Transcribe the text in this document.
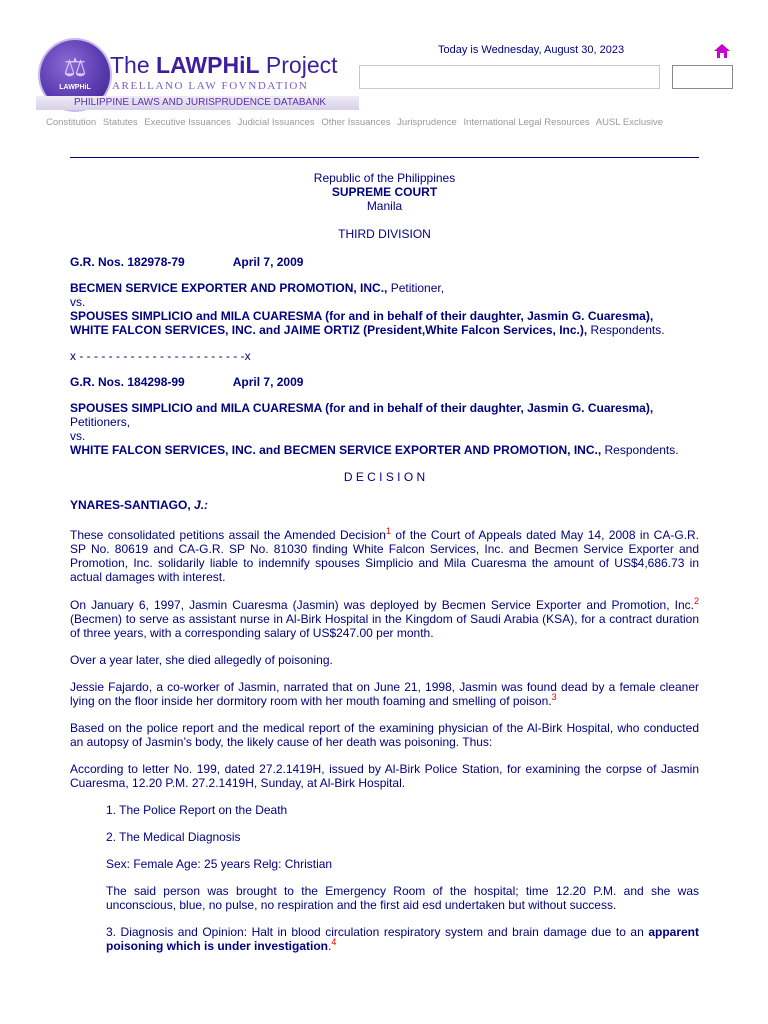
⚖
LAWPHiL
The LAWPHiL Project
ARELLANO LAW FOVNDATION
PHILIPPINE LAWS AND JURISPRUDENCE DATABANK
Today is Wednesday, August 30, 2023
Constitution Statutes Executive Issuances Judicial Issuances Other Issuances Jurisprudence International Legal Resources AUSL Exclusive
Republic of the Philippines
SUPREME COURT
Manila
THIRD DIVISION
G.R. Nos. 182978-79	April 7, 2009
BECMEN SERVICE EXPORTER AND PROMOTION, INC., Petitioner,
vs.
SPOUSES SIMPLICIO and MILA CUARESMA (for and in behalf of their daughter, Jasmin G. Cuaresma),
WHITE FALCON SERVICES, INC. and JAIME ORTIZ (President,White Falcon Services, Inc.), Respondents.
x - - - - - - - - - - - - - - - - - - - - - - -x
G.R. Nos. 184298-99	April 7, 2009
SPOUSES SIMPLICIO and MILA CUARESMA (for and in behalf of their daughter, Jasmin G. Cuaresma),
Petitioners,
vs.
WHITE FALCON SERVICES, INC. and BECMEN SERVICE EXPORTER AND PROMOTION, INC., Respondents.
D E C I S I O N
YNARES-SANTIAGO, J.:
These consolidated petitions assail the Amended Decision$^1$ of the Court of Appeals dated May 14, 2008 in CA-G.R. SP No. 80619 and CA-G.R. SP No. 81030 finding White Falcon Services, Inc. and Becmen Service Exporter and Promotion, Inc. solidarily liable to indemnify spouses Simplicio and Mila Cuaresma the amount of US$4,686.73 in actual damages with interest.
On January 6, 1997, Jasmin Cuaresma (Jasmin) was deployed by Becmen Service Exporter and Promotion, Inc.$^2$ (Becmen) to serve as assistant nurse in Al-Birk Hospital in the Kingdom of Saudi Arabia (KSA), for a contract duration of three years, with a corresponding salary of US$247.00 per month.
Over a year later, she died allegedly of poisoning.
Jessie Fajardo, a co-worker of Jasmin, narrated that on June 21, 1998, Jasmin was found dead by a female cleaner lying on the floor inside her dormitory room with her mouth foaming and smelling of poison.$^3$
Based on the police report and the medical report of the examining physician of the Al-Birk Hospital, who conducted an autopsy of Jasmin’s body, the likely cause of her death was poisoning. Thus:
According to letter No. 199, dated 27.2.1419H, issued by Al-Birk Police Station, for examining the corpse of Jasmin Cuaresma, 12.20 P.M. 27.2.1419H, Sunday, at Al-Birk Hospital.
1. The Police Report on the Death
2. The Medical Diagnosis
Sex: Female Age: 25 years Relg: Christian
The said person was brought to the Emergency Room of the hospital; time 12.20 P.M. and she was unconscious, blue, no pulse, no respiration and the first aid esd undertaken but without success.
3. Diagnosis and Opinion: Halt in blood circulation respiratory system and brain damage due to an apparent poisoning which is under investigation.$^4$
